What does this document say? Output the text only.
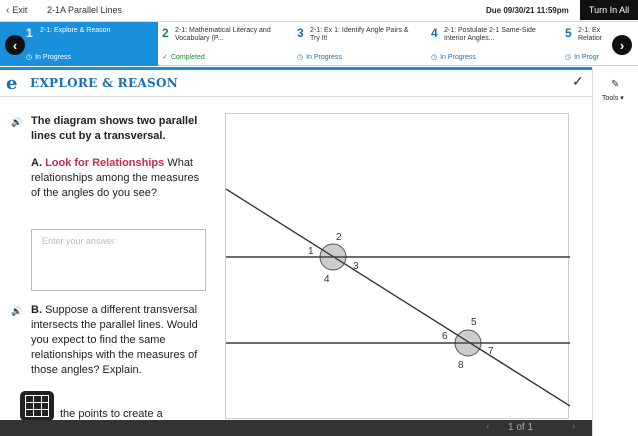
‹ Exit 2-1A Parallel Lines	Due 09/30/21 11:59pm	Turn In All
1 2-1: Explore & Reason
◷ In Progress
2 2-1: Mathematical Literacy and Vocabulary (P...
✓ Completed
3 2-1: Ex 1: Identify Angle Pairs & Try It!
◷ In Progress
4 2-1: Postulate 2-1 Same-Side Interior Angles...
◷ In Progress
5 2-1: Ex Relatior
◷ In Progr
‹	›
e EXPLORE & REASON	✓	✎
Tools ▾
🔊 The diagram shows two parallel lines cut by a transversal.
A. Look for Relationships What relationships among the measures of the angles do you see?
Enter your answer
🔊 B. Suppose a different transversal intersects the parallel lines. Would you expect to find the same relationships with the measures of those angles? Explain.
the points to create a
1
2
3
4
5
6
7
8
‹ 1 of 1	›
